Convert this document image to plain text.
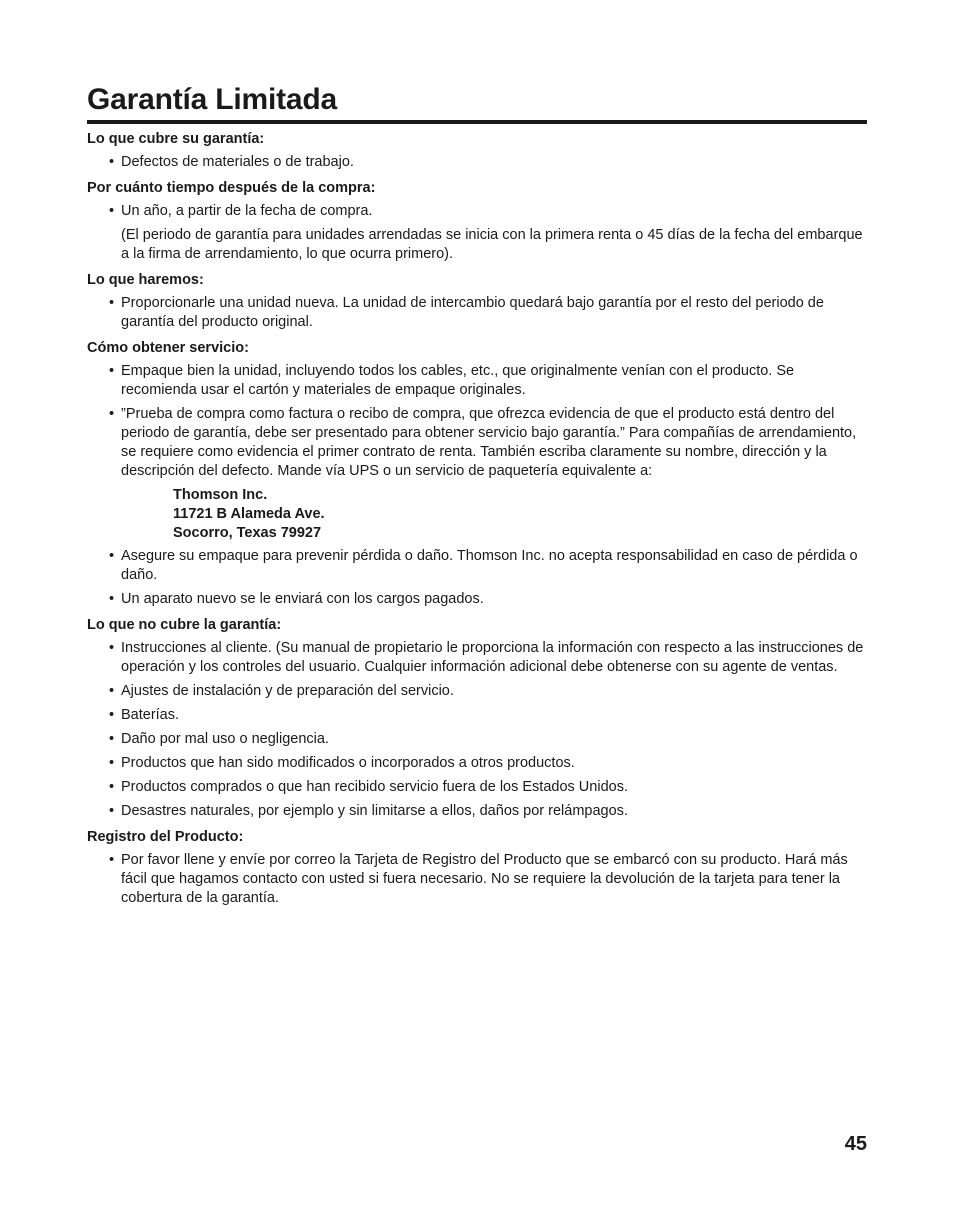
Garantía Limitada

Lo que cubre su garantía:

• Defectos de materiales o de trabajo.

Por cuánto tiempo después de la compra:

• Un año, a partir de la fecha de compra.

(El periodo de garantía para unidades arrendadas se inicia con la primera renta o 45 días de la fecha del embarque a la firma de arrendamiento, lo que ocurra primero).

Lo que haremos:

• Proporcionarle una unidad nueva. La unidad de intercambio quedará bajo garantía por el resto del periodo de garantía del producto original.

Cómo obtener servicio:

• Empaque bien la unidad, incluyendo todos los cables, etc., que originalmente venían con el producto. Se recomienda usar el cartón y materiales de empaque originales.
• ”Prueba de compra como factura o recibo de compra, que ofrezca evidencia de que el producto está dentro del periodo de garantía, debe ser presentado para obtener servicio bajo garantía.” Para compañías de arrendamiento, se requiere como evidencia el primer contrato de renta. También escriba claramente su nombre, dirección y la descripción del defecto. Mande vía UPS o un servicio de paquetería equivalente a:
Thomson Inc.
11721 B Alameda Ave.
Socorro, Texas 79927
• Asegure su empaque para prevenir pérdida o daño. Thomson Inc. no acepta responsabilidad en caso de pérdida o daño.
• Un aparato nuevo se le enviará con los cargos pagados.

Lo que no cubre la garantía:

• Instrucciones al cliente. (Su manual de propietario le proporciona la información con respecto a las instrucciones de operación y los controles del usuario. Cualquier información adicional debe obtenerse con su agente de ventas.
• Ajustes de instalación y de preparación del servicio.
• Baterías.
• Daño por mal uso o negligencia.
• Productos que han sido modificados o incorporados a otros productos.
• Productos comprados o que han recibido servicio fuera de los Estados Unidos.
• Desastres naturales, por ejemplo y sin limitarse a ellos, daños por relámpagos.

Registro del Producto:

• Por favor llene y envíe por correo la Tarjeta de Registro del Producto que se embarcó con su producto. Hará más fácil que hagamos contacto con usted si fuera necesario. No se requiere la devolución de la tarjeta para tener la cobertura de la garantía.
45
